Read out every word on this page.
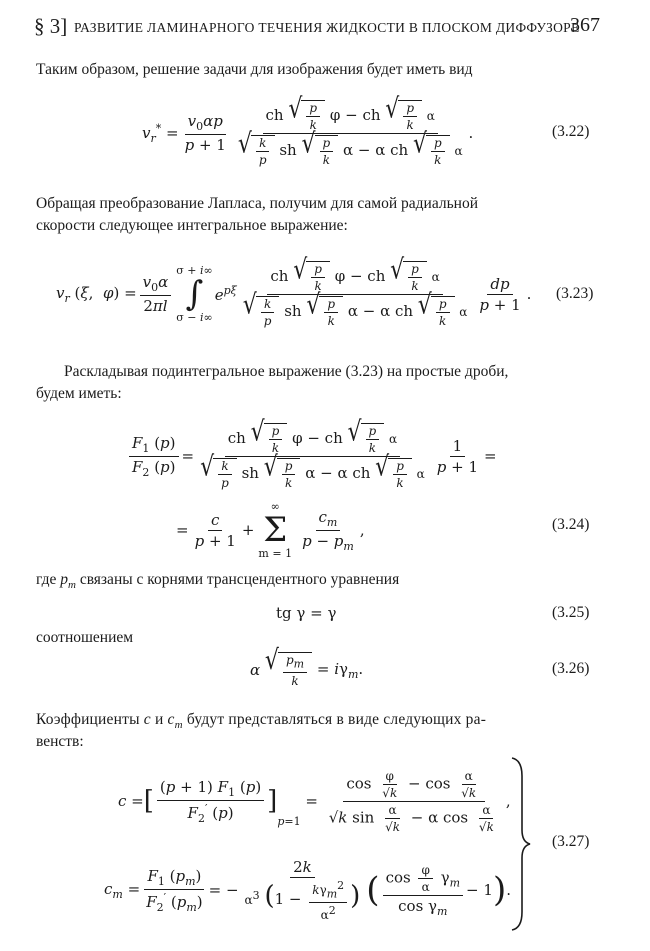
§ 3] РАЗВИТИЕ ЛАМИНАРНОГО ТЕЧЕНИЯ ЖИДКОСТИ В ПЛОСКОМ ДИФФУЗОРЕ
367
Таким образом, решение задачи для изображения будет иметь вид
$v_r^* = \frac{v_0\alpha p}{p + 1} \frac{ch √ \frac{p}{k} \varphi - ch √ \frac{p}{k} \alpha}{√ \frac{k}{p} sh √ \frac{p}{k} \alpha - \alpha ch √ \frac{p}{k} \alpha}$ .	(3.22)
Обращая преобразование Лапласа, получим для самой радиальной
скорости следующее интегральное выражение:
$v_r$ (ξ,  $\varphi) = \frac{v_0\alpha}{2\pi l}$
σ + i∞
∫
σ − i∞
$e^{p\xi} \frac{ch √ \frac{p}{k} \varphi - ch √ \frac{p}{k} \alpha}{√ \frac{k}{p} sh √ \frac{p}{k} \alpha - \alpha ch √ \frac{p}{k} \alpha} \frac{dp}{p + 1}$ . (3.23)
Раскладывая подинтегральное выражение (3.23) на простые дроби,
будем иметь:
$\frac{F_1 (p)}{F_2 (p)} = \frac{ch √ \frac{p}{k} \varphi - ch √ \frac{p}{k} \alpha}{√ \frac{k}{p} sh √ \frac{p}{k} \alpha - \alpha ch √ \frac{p}{k} \alpha} \frac{1}{p + 1}$ =
= $\frac{c}{p + 1}$ +
∞
Σ
m = 1
$\frac{c_m}{p - p_m}$ ,	(3.24)
где $p_m$ связаны с корнями трансцендентного уравнения
tg γ = γ	(3.25)
соотношением
α √ $\frac{p_m}{k} = i\gamma_m$.	(3.26)
Коэффициенты c и $c_m$ будут представляться в виде следующих ра-
венств:
c = [ $\frac{(p + 1) F_1 (p)}{F_2' (p)}$ ]
p=1
= $\frac{\cos \frac{\varphi}{√k} - \cos \frac{\alpha}{√k}}{√k \sin \frac{\alpha}{√k} - \alpha \cos \frac{\alpha}{√k}}$ ,
$c_m = \frac{F_1 (p_m)}{F_2' (p_m)}$ = − $\frac{2k}{\alpha^3 (1 - \frac{k\gamma_m^2}{\alpha^2} )}$ ( $\frac{\cos \frac{\varphi}{\alpha} \gamma_m}{\cos \gamma_m} - 1$ ) .
(3.27)
